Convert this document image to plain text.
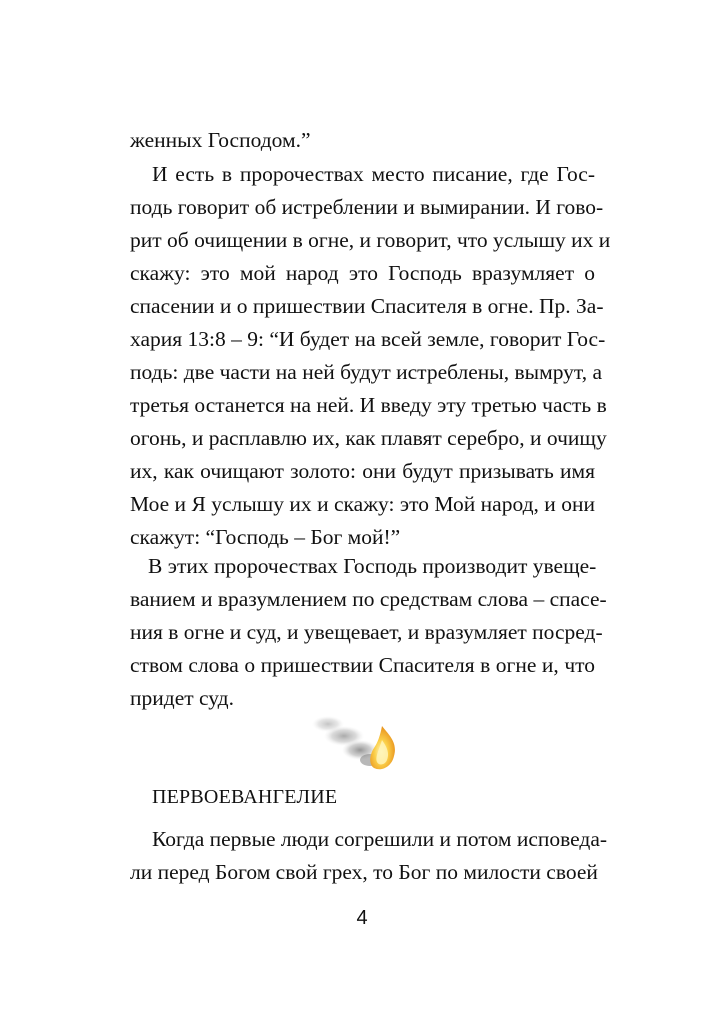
женных Господом.”
И есть в пророчествах место писание, где Гос-
подь говорит об истреблении и вымирании. И гово-
рит об очищении в огне, и говорит, что услышу их и
скажу: это мой народ это Господь вразумляет о
спасении и о пришествии Спасителя в огне. Пр. За-
хария 13:8 – 9: “И будет на всей земле, говорит Гос-
подь: две части на ней будут истреблены, вымрут, а
третья останется на ней. И введу эту третью часть в
огонь, и расплавлю их, как плавят серебро, и очищу
их, как очищают золото: они будут призывать имя
Мое и Я услышу их и скажу: это Мой народ, и они
скажут: “Господь – Бог мой!”
В этих пророчествах Господь производит увеще-
ванием и вразумлением по средствам слова – спасе-
ния в огне и суд, и увещевает, и вразумляет посред-
ством слова о пришествии Спасителя в огне и, что
придет суд.
ПЕРВОЕВАНГЕЛИЕ
Когда первые люди согрешили и потом исповеда-
ли перед Богом свой грех, то Бог по милости своей
4
